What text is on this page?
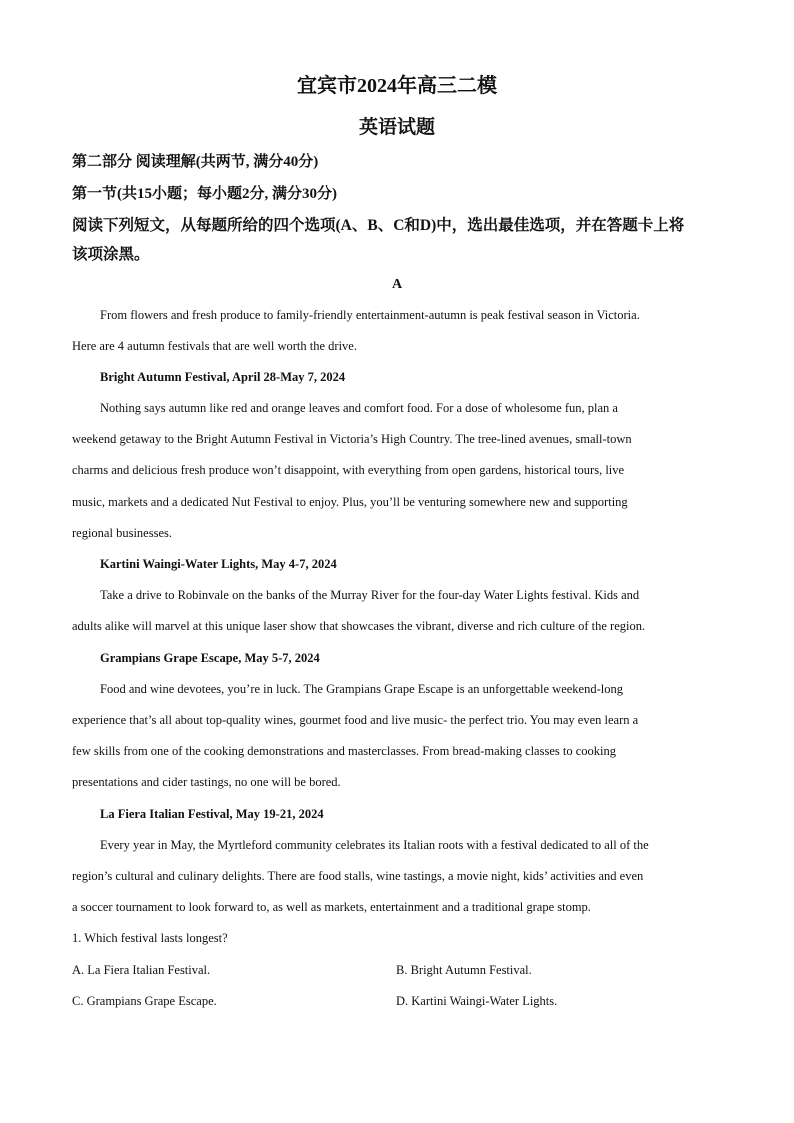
宜宾市2024年高三二模
英语试题
第二部分 阅读理解(共两节, 满分40分)
第一节(共15小题；每小题2分, 满分30分)
阅读下列短文，从每题所给的四个选项(A、B、C和D)中，选出最佳选项，并在答题卡上将
该项涂黑。
A
From flowers and fresh produce to family-friendly entertainment-autumn is peak festival season in Victoria.
Here are 4 autumn festivals that are well worth the drive.
Bright Autumn Festival, April 28-May 7, 2024
Nothing says autumn like red and orange leaves and comfort food. For a dose of wholesome fun, plan a
weekend getaway to the Bright Autumn Festival in Victoria’s High Country. The tree-lined avenues, small-town
charms and delicious fresh produce won’t disappoint, with everything from open gardens, historical tours, live
music, markets and a dedicated Nut Festival to enjoy. Plus, you’ll be venturing somewhere new and supporting
regional businesses.
Kartini Waingi-Water Lights, May 4-7, 2024
Take a drive to Robinvale on the banks of the Murray River for the four-day Water Lights festival. Kids and
adults alike will marvel at this unique laser show that showcases the vibrant, diverse and rich culture of the region.
Grampians Grape Escape, May 5-7, 2024
Food and wine devotees, you’re in luck. The Grampians Grape Escape is an unforgettable weekend-long
experience that’s all about top-quality wines, gourmet food and live music- the perfect trio. You may even learn a
few skills from one of the cooking demonstrations and masterclasses. From bread-making classes to cooking
presentations and cider tastings, no one will be bored.
La Fiera Italian Festival, May 19-21, 2024
Every year in May, the Myrtleford community celebrates its Italian roots with a festival dedicated to all of the
region’s cultural and culinary delights. There are food stalls, wine tastings, a movie night, kids’ activities and even
a soccer tournament to look forward to, as well as markets, entertainment and a traditional grape stomp.
1. Which festival lasts longest?
A. La Fiera Italian Festival.	B. Bright Autumn Festival.
C. Grampians Grape Escape.	D. Kartini Waingi-Water Lights.
